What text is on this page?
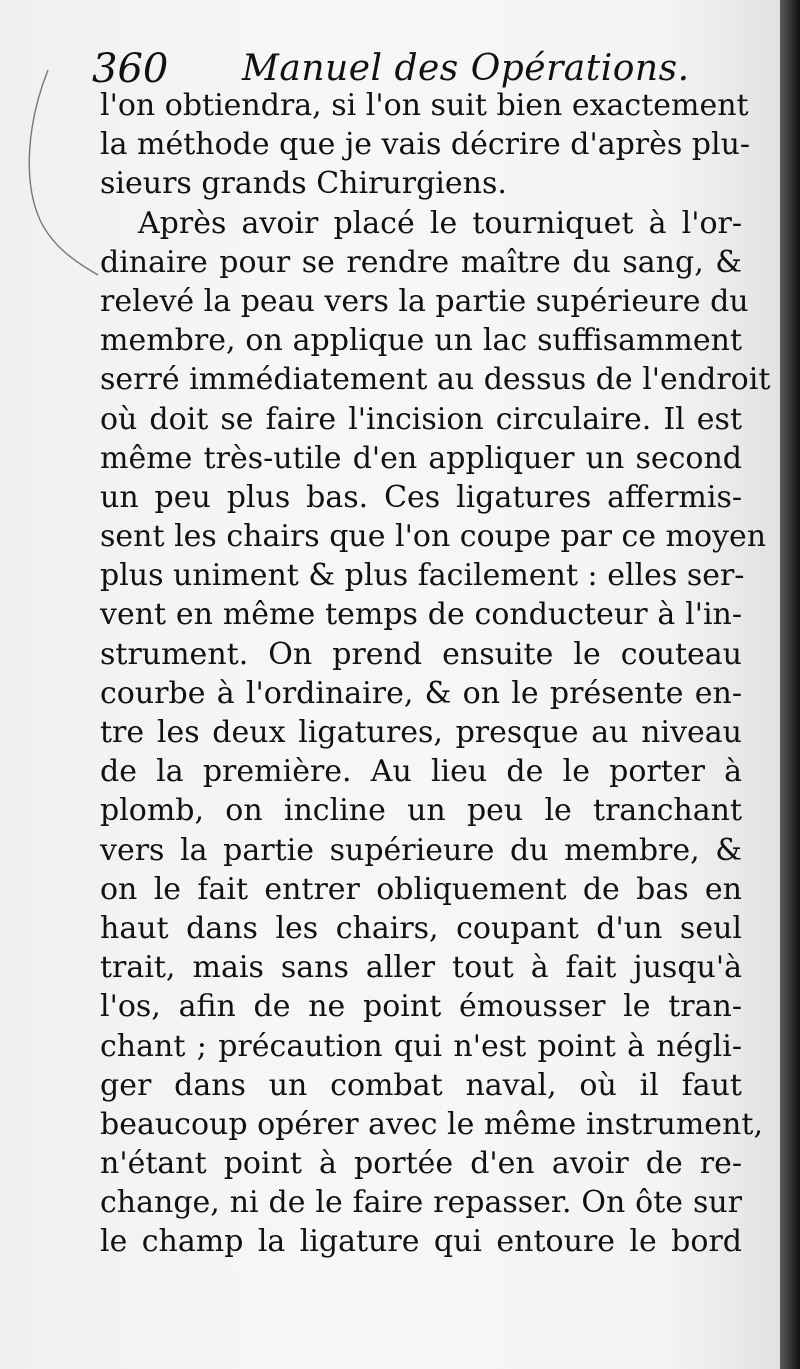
360 Manuel des Opérations.
l'on obtiendra, si l'on suit bien exactement
la méthode que je vais décrire d'après plu-
sieurs grands Chirurgiens.
Après avoir placé le tourniquet à l'or-
dinaire pour se rendre maître du sang, &
relevé la peau vers la partie supérieure du
membre, on applique un lac suffisamment
serré immédiatement au dessus de l'endroit
où doit se faire l'incision circulaire. Il est
même très-utile d'en appliquer un second
un peu plus bas. Ces ligatures affermis-
sent les chairs que l'on coupe par ce moyen
plus uniment & plus facilement : elles ser-
vent en même temps de conducteur à l'in-
strument. On prend ensuite le couteau
courbe à l'ordinaire, & on le présente en-
tre les deux ligatures, presque au niveau
de la première. Au lieu de le porter à
plomb, on incline un peu le tranchant
vers la partie supérieure du membre, &
on le fait entrer obliquement de bas en
haut dans les chairs, coupant d'un seul
trait, mais sans aller tout à fait jusqu'à
l'os, afin de ne point émousser le tran-
chant ; précaution qui n'est point à négli-
ger dans un combat naval, où il faut
beaucoup opérer avec le même instrument,
n'étant point à portée d'en avoir de re-
change, ni de le faire repasser. On ôte sur
le champ la ligature qui entoure le bord
